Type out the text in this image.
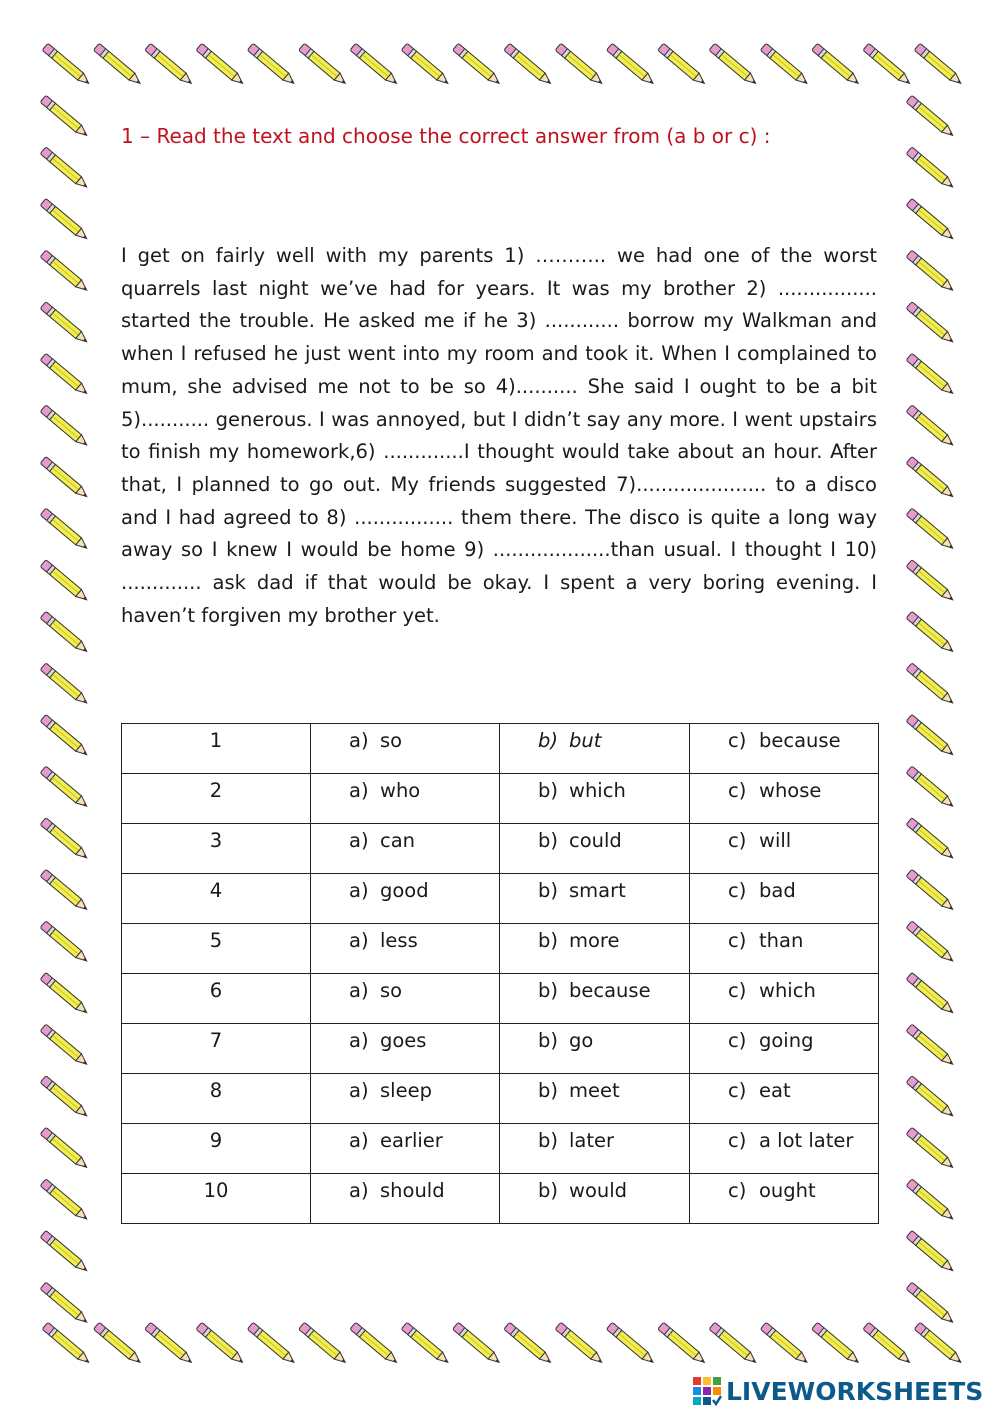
1 – Read the text and choose the correct answer from (a b or c) :

I get on fairly well with my parents 1) ……….. we had one of the worst quarrels last night we’ve had for years. It was my brother 2) ................ started the trouble. He asked me if he 3) ............ borrow my Walkman and when I refused he just went into my room and took it. When I complained to mum, she advised me not to be so 4).......... She said I ought to be a bit 5)........... generous. I was annoyed, but I didn’t say any more. I went upstairs to finish my homework,6) .............I thought would take about an hour. After that, I planned to go out. My friends suggested 7)..................... to a disco and I had agreed to 8) ................ them there. The disco is quite a long way away so I knew I would be home 9) ...................than usual. I thought I 10) ............. ask dad if that would be okay. I spent a very boring evening. I haven’t forgiven my brother yet.

1	a) so	b) but	c) because

2	a) who	b) which	c) whose

3	a) can	b) could	c) will

4	a) good	b) smart	c) bad

5	a) less	b) more	c) than

6	a) so	b) because	c) which

7	a) goes	b) go	c) going

8	a) sleep	b) meet	c) eat

9	a) earlier	b) later	c) a lot later

10	a) should	b) would	c) ought
LIVEWORKSHEETS
